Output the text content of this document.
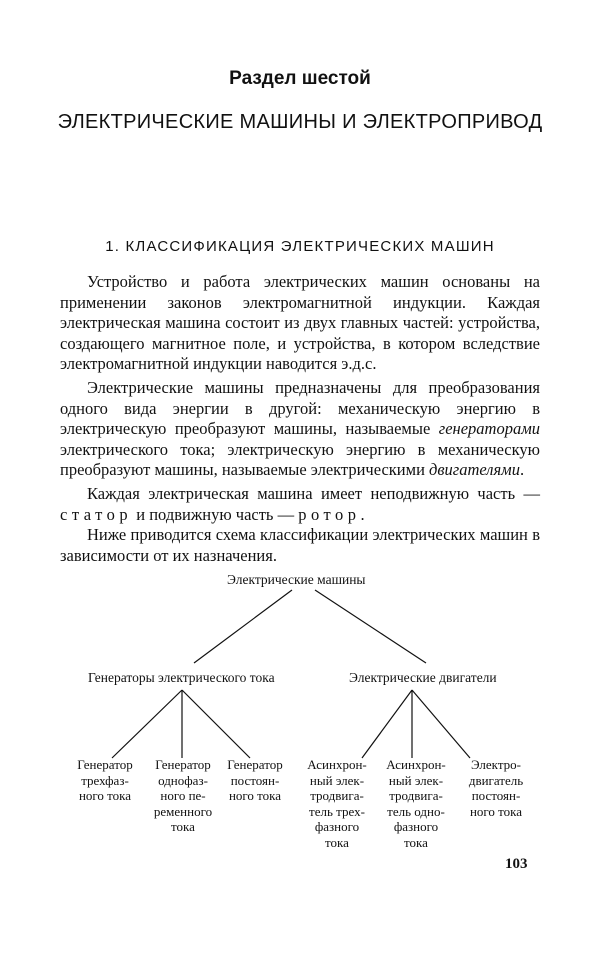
Раздел шестой
ЭЛЕКТРИЧЕСКИЕ МАШИНЫ И ЭЛЕКТРОПРИВОД
1. КЛАССИФИКАЦИЯ ЭЛЕКТРИЧЕСКИХ МАШИН

Устройство и работа электрических машин основаны на применении законов электромагнитной индукции. Каждая электрическая машина состоит из двух главных частей: устройства, создающего магнитное поле, и устройства, в котором вследствие электромагнитной индукции наводится э.д.с.

Электрические машины предназначены для преобразования одного вида энергии в другой: механическую энергию в электрическую преобразуют машины, называемые генераторами электрического тока; электрическую энергию в механическую преобразуют машины, называемые электрическими двигателями.

Каждая электрическая машина имеет неподвижную часть — статор и подвижную часть — ротор.

Ниже приводится схема классификации электрических машин в зависимости от их назначения.

Электрические машины
Генераторы электрического тока	Электрические двигатели
Генератор
трехфаз-
ного тока
Генератор
однофаз-
ного пе-
ременного
тока
Генератор
постоян-
ного тока
Асинхрон-
ный элек-
тродвига-
тель трех-
фазного
тока
Асинхрон-
ный элек-
тродвига-
тель одно-
фазного
тока
Электро-
двигатель
постоян-
ного тока
103
